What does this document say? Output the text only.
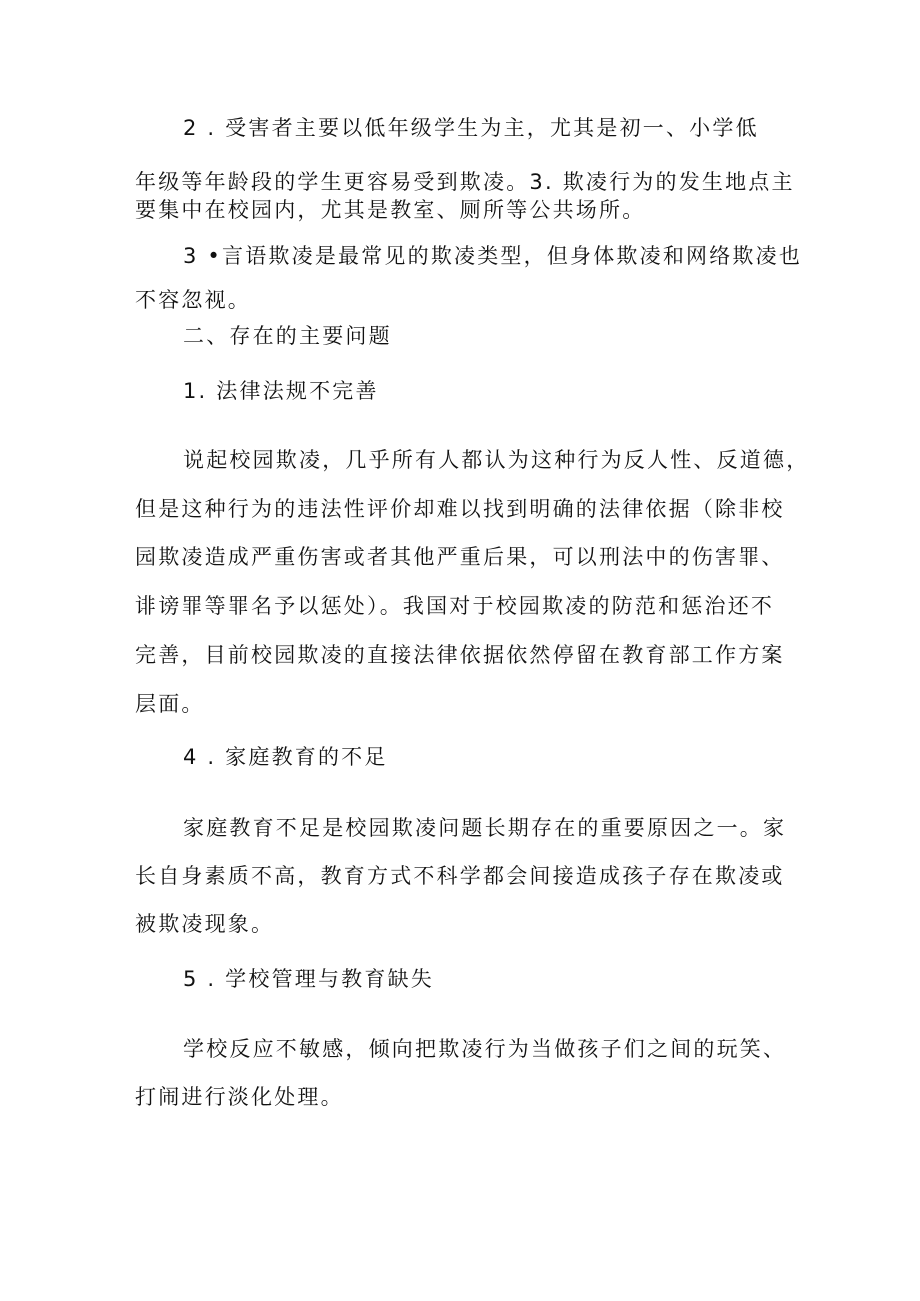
2 . 受害者主要以低年级学生为主，尤其是初一、小学低
年级等年龄段的学生更容易受到欺凌。3. 欺凌行为的发生地点主
要集中在校园内，尤其是教室、厕所等公共场所。
3 •言语欺凌是最常见的欺凌类型，但身体欺凌和网络欺凌也
不容忽视。
二、存在的主要问题
1. 法律法规不完善
说起校园欺凌，几乎所有人都认为这种行为反人性、反道德，
但是这种行为的违法性评价却难以找到明确的法律依据（除非校
园欺凌造成严重伤害或者其他严重后果，可以刑法中的伤害罪、
诽谤罪等罪名予以惩处）。我国对于校园欺凌的防范和惩治还不
完善，目前校园欺凌的直接法律依据依然停留在教育部工作方案
层面。
4 . 家庭教育的不足
家庭教育不足是校园欺凌问题长期存在的重要原因之一。家
长自身素质不高，教育方式不科学都会间接造成孩子存在欺凌或
被欺凌现象。
5 . 学校管理与教育缺失
学校反应不敏感，倾向把欺凌行为当做孩子们之间的玩笑、
打闹进行淡化处理。
